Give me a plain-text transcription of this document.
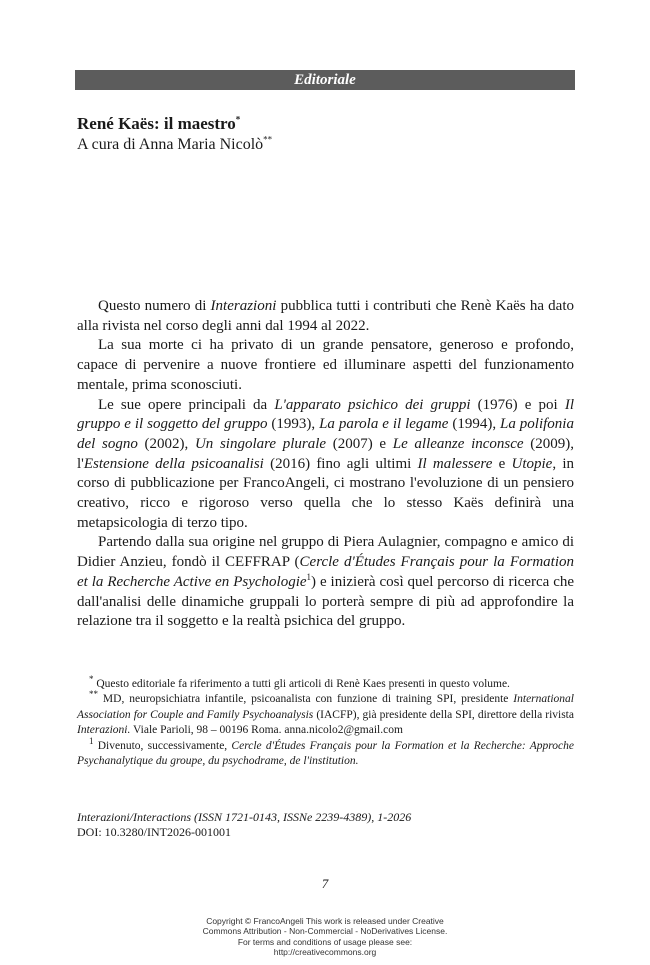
Editoriale
René Kaës: il maestro*
A cura di Anna Maria Nicolò**

Questo numero di Interazioni pubblica tutti i contributi che Renè Kaës ha dato alla rivista nel corso degli anni dal 1994 al 2022.

La sua morte ci ha privato di un grande pensatore, generoso e profondo, capace di pervenire a nuove frontiere ed illuminare aspetti del funzionamento mentale, prima sconosciuti.

Le sue opere principali da L'apparato psichico dei gruppi (1976) e poi Il gruppo e il soggetto del gruppo (1993), La parola e il legame (1994), La polifonia del sogno (2002), Un singolare plurale (2007) e Le alleanze inconsce (2009), l'Estensione della psicoanalisi (2016) fino agli ultimi Il malessere e Utopie, in corso di pubblicazione per FrancoAngeli, ci mostrano l'evoluzione di un pensiero creativo, ricco e rigoroso verso quella che lo stesso Kaës definirà una metapsicologia di terzo tipo.

Partendo dalla sua origine nel gruppo di Piera Aulagnier, compagno e amico di Didier Anzieu, fondò il CEFFRAP (Cercle d'Études Français pour la Formation et la Recherche Active en Psychologie$^1$) e inizierà così quel percorso di ricerca che dall'analisi delle dinamiche gruppali lo porterà sempre di più ad approfondire la relazione tra il soggetto e la realtà psichica del gruppo.

* Questo editoriale fa riferimento a tutti gli articoli di Renè Kaes presenti in questo volume.

** MD, neuropsichiatra infantile, psicoanalista con funzione di training SPI, presidente International Association for Couple and Family Psychoanalysis (IACFP), già presidente della SPI, direttore della rivista Interazioni. Viale Parioli, 98 – 00196 Roma. anna.nicolo2@gmail.com

$^1$ Divenuto, successivamente, Cercle d'Études Français pour la Formation et la Recherche: Approche Psychanalytique du groupe, du psychodrame, de l'institution.

Interazioni/Interactions (ISSN 1721-0143, ISSNe 2239-4389), 1-2026
DOI: 10.3280/INT2026-001001
7
Copyright © FrancoAngeli This work is released under Creative
Commons Attribution - Non-Commercial - NoDerivatives License.
For terms and conditions of usage please see:
http://creativecommons.org
